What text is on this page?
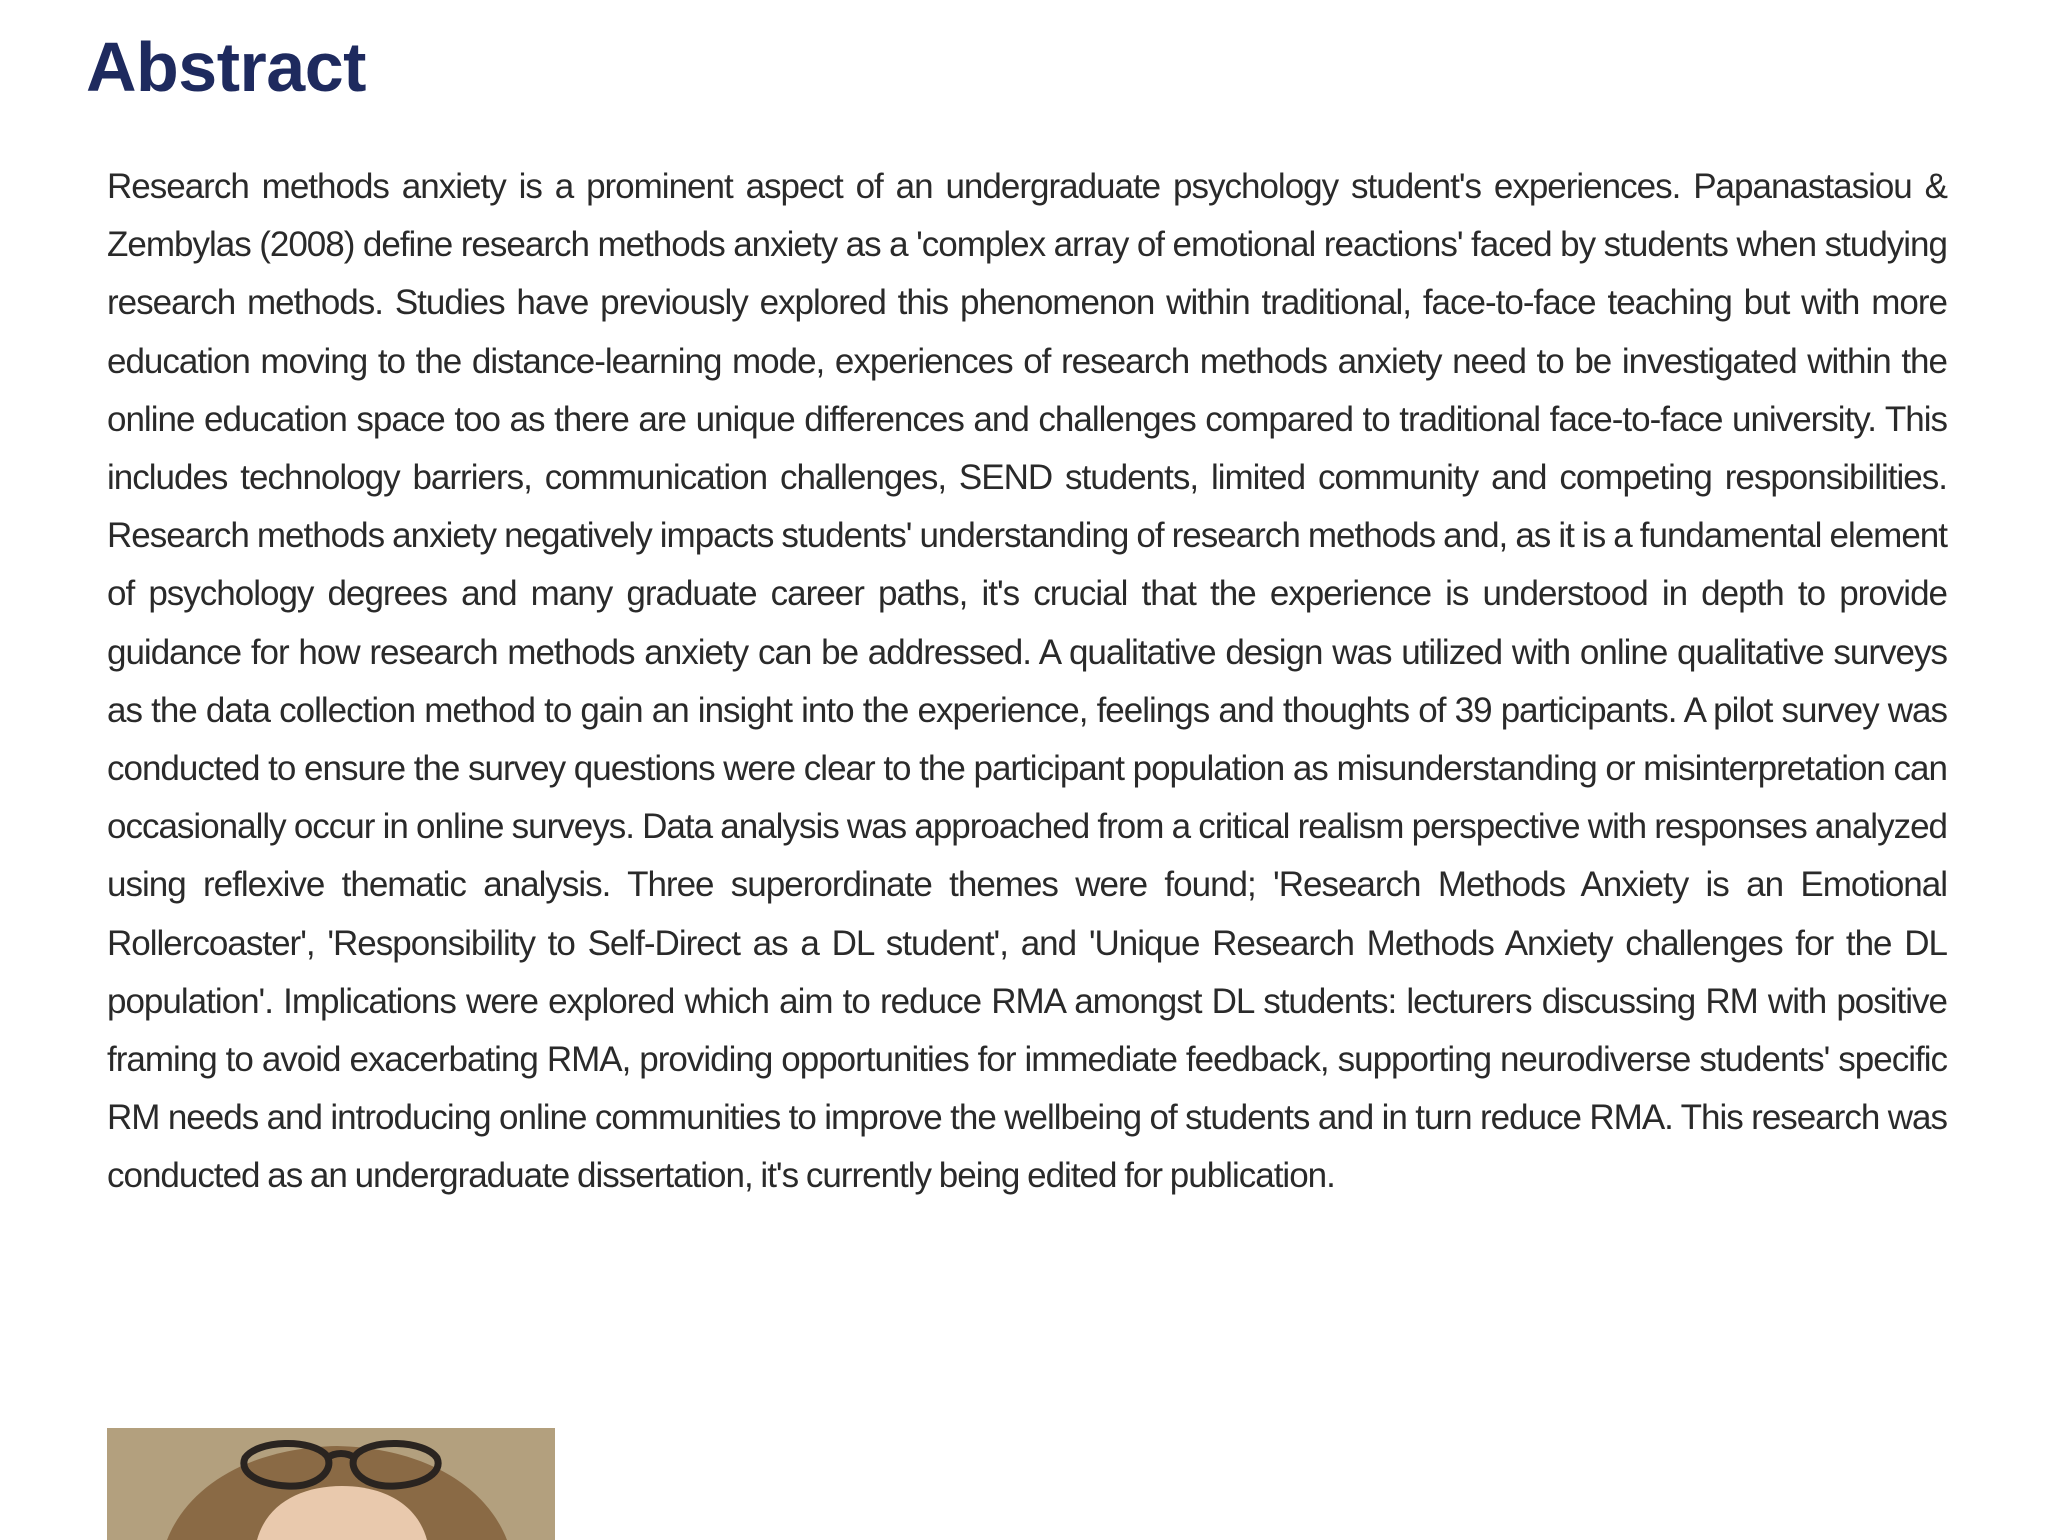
Abstract

Research methods anxiety is a prominent aspect of an undergraduate psychology student's experiences. Papanastasiou & Zembylas (2008) define research methods anxiety as a 'complex array of emotional reactions' faced by students when studying research methods. Studies have previously explored this phenomenon within traditional, face-to-face teaching but with more education moving to the distance-learning mode, experiences of research methods anxiety need to be investigated within the online education space too as there are unique differences and challenges compared to traditional face-to-face university. This includes technology barriers, communication challenges, SEND students, limited community and competing responsibilities. Research methods anxiety negatively impacts students' understanding of research methods and, as it is a fundamental element of psychology degrees and many graduate career paths, it's crucial that the experience is understood in depth to provide guidance for how research methods anxiety can be addressed. A qualitative design was utilized with online qualitative surveys as the data collection method to gain an insight into the experience, feelings and thoughts of 39 participants. A pilot survey was conducted to ensure the survey questions were clear to the participant population as misunderstanding or misinterpretation can occasionally occur in online surveys. Data analysis was approached from a critical realism perspective with responses analyzed using reflexive thematic analysis. Three superordinate themes were found; 'Research Methods Anxiety is an Emotional Rollercoaster', 'Responsibility to Self-Direct as a DL student', and 'Unique Research Methods Anxiety challenges for the DL population'. Implications were explored which aim to reduce RMA amongst DL students: lecturers discussing RM with positive framing to avoid exacerbating RMA, providing opportunities for immediate feedback, supporting neurodiverse students' specific RM needs and introducing online communities to improve the wellbeing of students and in turn reduce RMA. This research was conducted as an undergraduate dissertation, it's currently being edited for publication.
